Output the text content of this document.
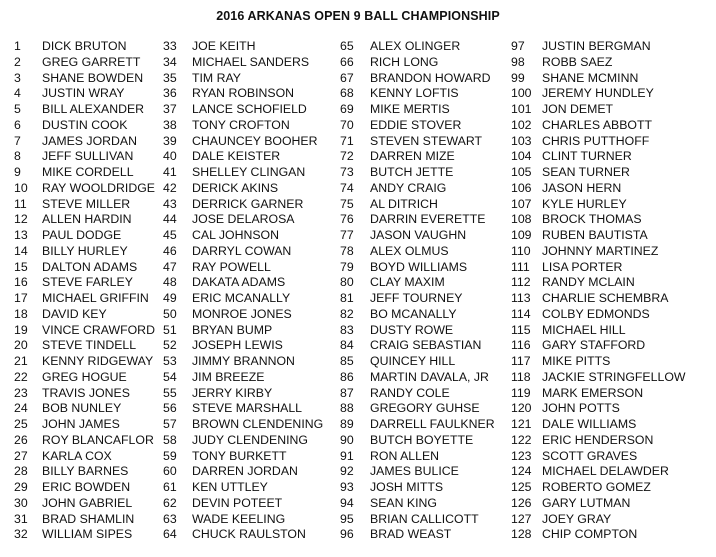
2016 ARKANAS OPEN 9 BALL CHAMPIONSHIP
1	DICK BRUTON
2	GREG GARRETT
3	SHANE BOWDEN
4	JUSTIN WRAY
5	BILL ALEXANDER
6	DUSTIN COOK
7	JAMES JORDAN
8	JEFF SULLIVAN
9	MIKE CORDELL
10	RAY WOOLDRIDGE
11	STEVE MILLER
12	ALLEN HARDIN
13	PAUL DODGE
14	BILLY HURLEY
15	DALTON ADAMS
16	STEVE FARLEY
17	MICHAEL GRIFFIN
18	DAVID KEY
19	VINCE CRAWFORD
20	STEVE TINDELL
21	KENNY RIDGEWAY
22	GREG HOGUE
23	TRAVIS JONES
24	BOB NUNLEY
25	JOHN JAMES
26	ROY BLANCAFLOR
27	KARLA COX
28	BILLY BARNES
29	ERIC BOWDEN
30	JOHN GABRIEL
31	BRAD SHAMLIN
32	WILLIAM SIPES
33	JOE KEITH
34	MICHAEL SANDERS
35	TIM RAY
36	RYAN ROBINSON
37	LANCE SCHOFIELD
38	TONY CROFTON
39	CHAUNCEY BOOHER
40	DALE KEISTER
41	SHELLEY CLINGAN
42	DERICK AKINS
43	DERRICK GARNER
44	JOSE DELAROSA
45	CAL JOHNSON
46	DARRYL COWAN
47	RAY POWELL
48	DAKATA ADAMS
49	ERIC MCANALLY
50	MONROE JONES
51	BRYAN BUMP
52	JOSEPH LEWIS
53	JIMMY BRANNON
54	JIM BREEZE
55	JERRY KIRBY
56	STEVE MARSHALL
57	BROWN CLENDENING
58	JUDY CLENDENING
59	TONY BURKETT
60	DARREN JORDAN
61	KEN UTTLEY
62	DEVIN POTEET
63	WADE KEELING
64	CHUCK RAULSTON
65	ALEX OLINGER
66	RICH LONG
67	BRANDON HOWARD
68	KENNY LOFTIS
69	MIKE MERTIS
70	EDDIE STOVER
71	STEVEN STEWART
72	DARREN MIZE
73	BUTCH JETTE
74	ANDY CRAIG
75	AL DITRICH
76	DARRIN EVERETTE
77	JASON VAUGHN
78	ALEX OLMUS
79	BOYD WILLIAMS
80	CLAY MAXIM
81	JEFF TOURNEY
82	BO MCANALLY
83	DUSTY ROWE
84	CRAIG SEBASTIAN
85	QUINCEY HILL
86	MARTIN DAVALA, JR
87	RANDY COLE
88	GREGORY GUHSE
89	DARRELL FAULKNER
90	BUTCH BOYETTE
91	RON ALLEN
92	JAMES BULICE
93	JOSH MITTS
94	SEAN KING
95	BRIAN CALLICOTT
96	BRAD WEAST
97	JUSTIN BERGMAN
98	ROBB SAEZ
99	SHANE MCMINN
100 JEREMY HUNDLEY
101 JON DEMET
102 CHARLES ABBOTT
103 CHRIS PUTTHOFF
104 CLINT TURNER
105 SEAN TURNER
106 JASON HERN
107 KYLE HURLEY
108 BROCK THOMAS
109 RUBEN BAUTISTA
110 JOHNNY MARTINEZ
111 LISA PORTER
112 RANDY MCLAIN
113 CHARLIE SCHEMBRA
114 COLBY EDMONDS
115 MICHAEL HILL
116 GARY STAFFORD
117 MIKE PITTS
118 JACKIE STRINGFELLOW
119 MARK EMERSON
120 JOHN POTTS
121 DALE WILLIAMS
122 ERIC HENDERSON
123 SCOTT GRAVES
124 MICHAEL DELAWDER
125 ROBERTO GOMEZ
126 GARY LUTMAN
127 JOEY GRAY
128 CHIP COMPTON
